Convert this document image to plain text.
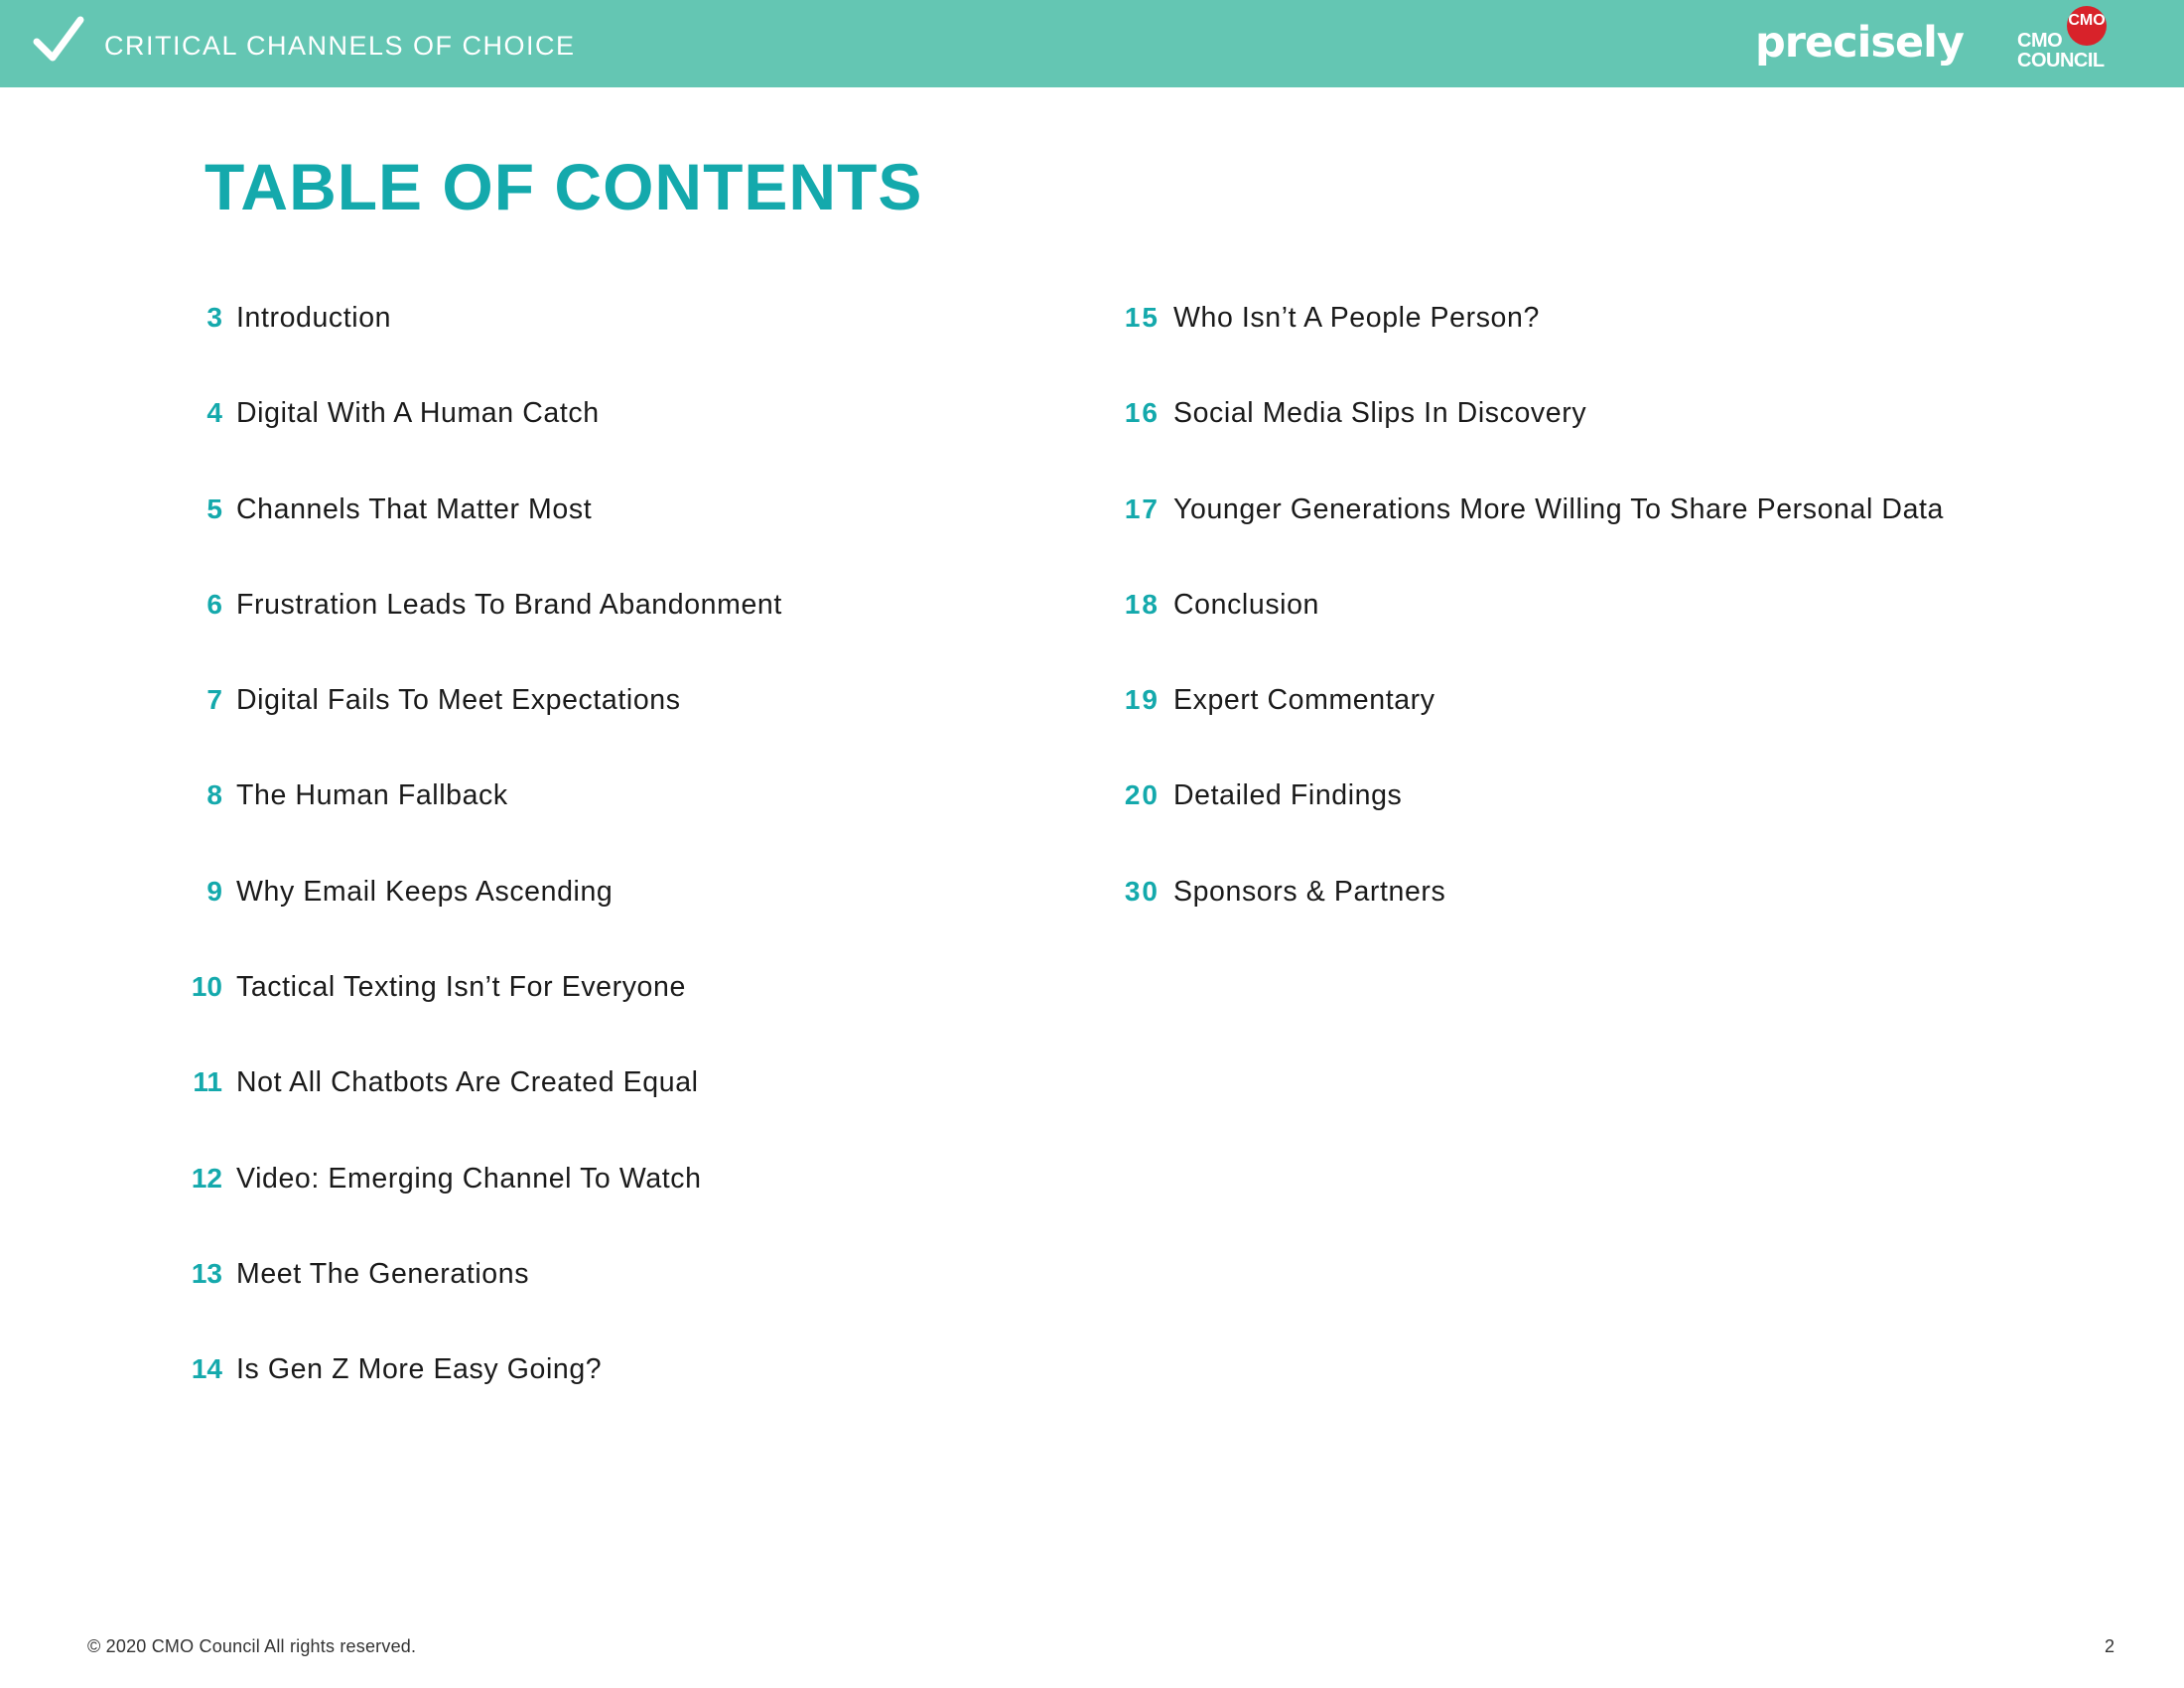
CRITICAL CHANNELS OF CHOICE	precisely	CMO
CMO
COUNCIL
TABLE OF CONTENTS
3 Introduction
4 Digital With A Human Catch
5 Channels That Matter Most
6 Frustration Leads To Brand Abandonment
7 Digital Fails To Meet Expectations
8 The Human Fallback
9 Why Email Keeps Ascending
10 Tactical Texting Isn’t For Everyone
11 Not All Chatbots Are Created Equal
12 Video: Emerging Channel To Watch
13 Meet The Generations
14 Is Gen Z More Easy Going?
15 Who Isn’t A People Person?
16 Social Media Slips In Discovery
17 Younger Generations More Willing To Share Personal Data
18 Conclusion
19 Expert Commentary
20 Detailed Findings
30 Sponsors & Partners
© 2020 CMO Council All rights reserved.	2
